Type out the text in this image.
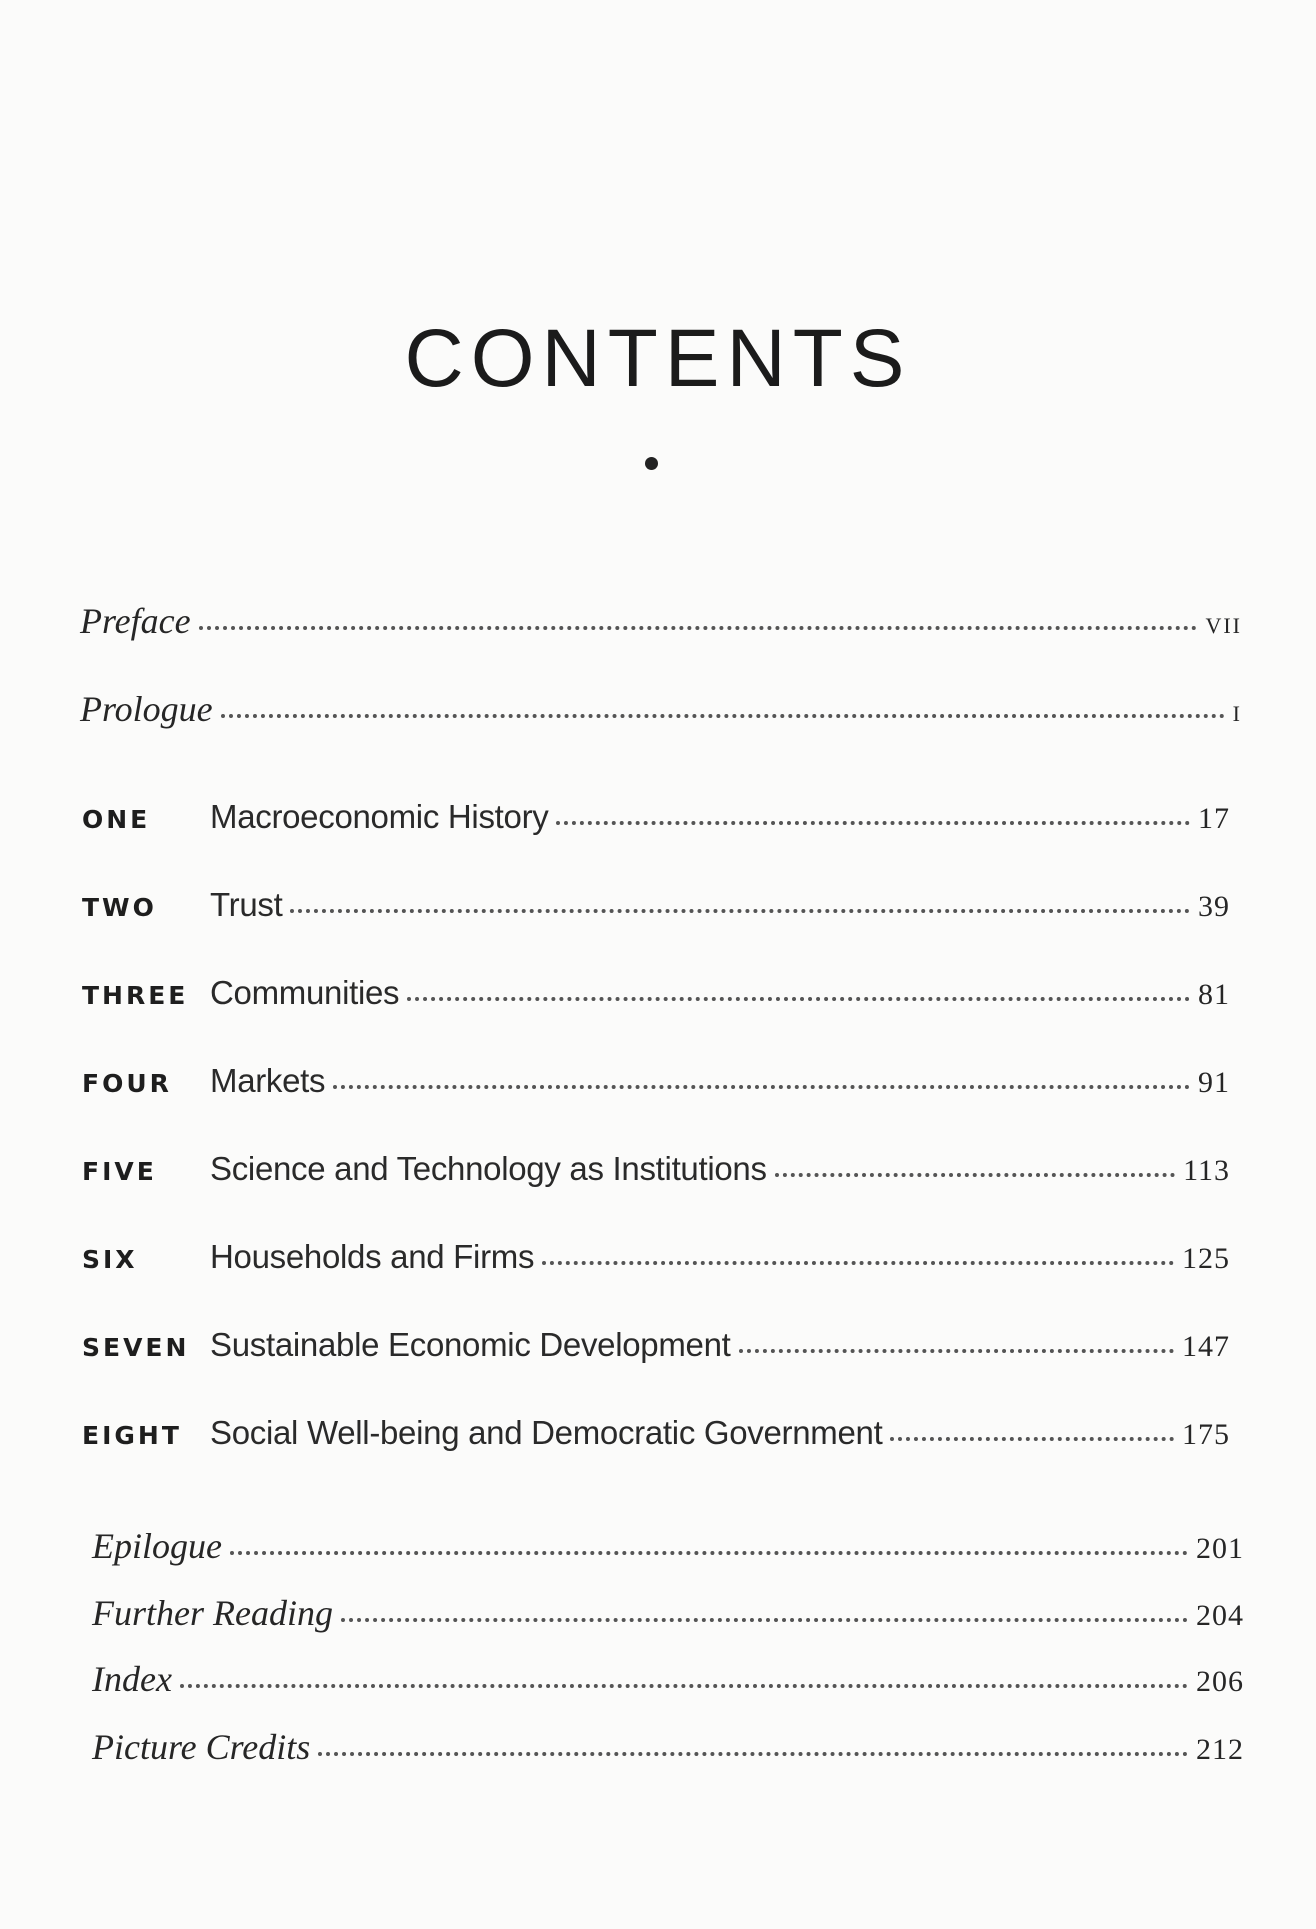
CONTENTS
Preface	VII
Prologue	I
ONE	Macroeconomic History	17
TWO	Trust	39
THREE Communities	81
FOUR	Markets	91
FIVE	Science and Technology as Institutions	113
SIX	Households and Firms	125
SEVEN Sustainable Economic Development	147
EIGHT Social Well-being and Democratic Government	175
Epilogue	201
Further Reading	204
Index	206
Picture Credits	212
